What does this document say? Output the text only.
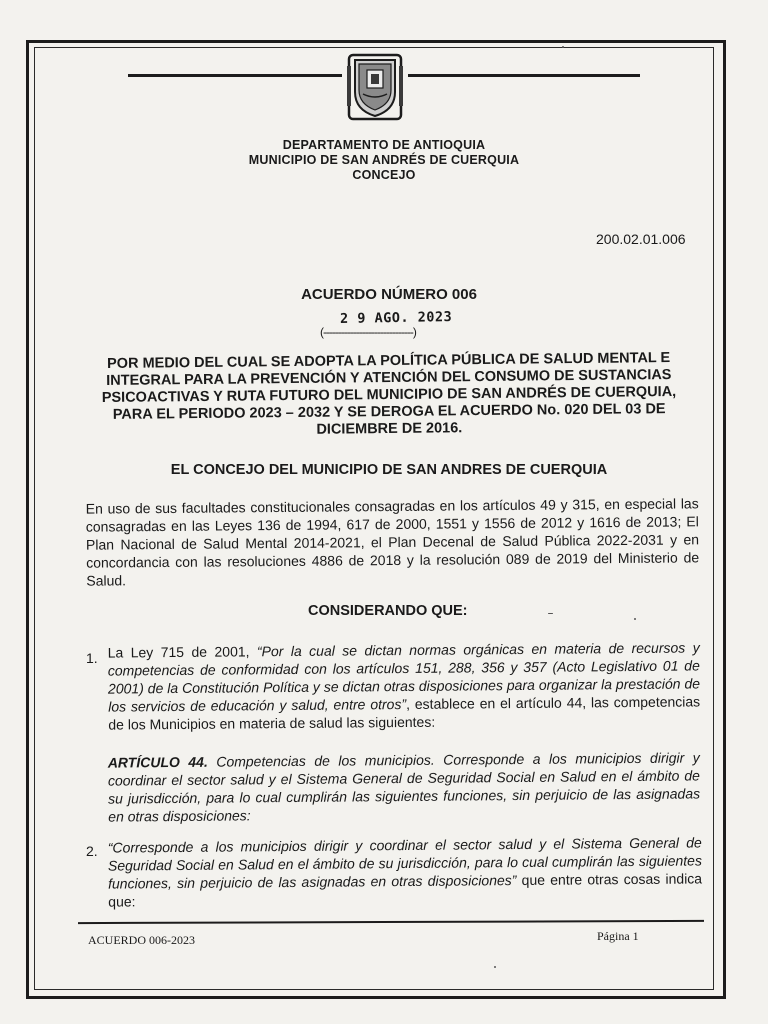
DEPARTAMENTO DE ANTIOQUIA
MUNICIPIO DE SAN ANDRÉS DE CUERQUIA
CONCEJO
200.02.01.006
ACUERDO NÚMERO 006
2 9 AGO. 2023
(------------------------------)
POR MEDIO DEL CUAL SE ADOPTA LA POLÍTICA PÚBLICA DE SALUD MENTAL E INTEGRAL PARA LA PREVENCIÓN Y ATENCIÓN DEL CONSUMO DE SUSTANCIAS PSICOACTIVAS Y RUTA FUTURO DEL MUNICIPIO DE SAN ANDRÉS DE CUERQUIA, PARA EL PERIODO 2023 – 2032 Y SE DEROGA EL ACUERDO No. 020 DEL 03 DE DICIEMBRE DE 2016.
EL CONCEJO DEL MUNICIPIO DE SAN ANDRES DE CUERQUIA
En uso de sus facultades constitucionales consagradas en los artículos 49 y 315, en especial las consagradas en las Leyes 136 de 1994, 617 de 2000, 1551 y 1556 de 2012 y 1616 de 2013; El Plan Nacional de Salud Mental 2014-2021, el Plan Decenal de Salud Pública 2022-2031 y en concordancia con las resoluciones 4886 de 2018 y la resolución 089 de 2019 del Ministerio de Salud.
CONSIDERANDO QUE:
1. La Ley 715 de 2001, “Por la cual se dictan normas orgánicas en materia de recursos y competencias de conformidad con los artículos 151, 288, 356 y 357 (Acto Legislativo 01 de 2001) de la Constitución Política y se dictan otras disposiciones para organizar la prestación de los servicios de educación y salud, entre otros”, establece en el artículo 44, las competencias de los Municipios en materia de salud las siguientes:
ARTÍCULO 44. Competencias de los municipios. Corresponde a los municipios dirigir y coordinar el sector salud y el Sistema General de Seguridad Social en Salud en el ámbito de su jurisdicción, para lo cual cumplirán las siguientes funciones, sin perjuicio de las asignadas en otras disposiciones:
2. “Corresponde a los municipios dirigir y coordinar el sector salud y el Sistema General de Seguridad Social en Salud en el ámbito de su jurisdicción, para lo cual cumplirán las siguientes funciones, sin perjuicio de las asignadas en otras disposiciones” que entre otras cosas indica que:
ACUERDO 006-2023	Página 1
